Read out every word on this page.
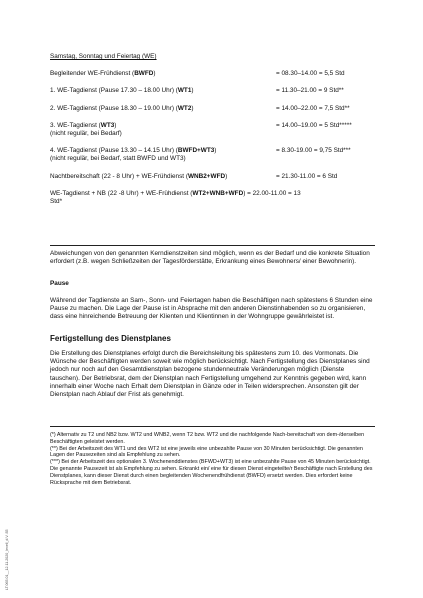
LT.065.01__12.11.2020_levell_d.V. 85
Samstag, Sonntag und Feiertag (WE)
Begleitender WE-Frühdienst (BWFD)	= 08.30–14.00 = 5,5 Std
1. WE-Tagdienst (Pause 17.30 – 18.00 Uhr) (WT1)	= 11.30–21.00 = 9 Std**
2. WE-Tagdienst (Pause 18.30 – 19.00 Uhr) (WT2)	= 14.00–22.00 = 7,5 Std**
3. WE-Tagdienst (WT3)
(nicht regulär, bei Bedarf)
= 14.00–19.00 = 5 Std*****
4. WE-Tagdienst (Pause 13.30 – 14.15 Uhr) (BWFD+WT3)
(nicht regulär, bei Bedarf, statt BWFD und WT3)
= 8.30-19.00 = 9,75 Std***
Nachtbereitschaft (22 - 8 Uhr) + WE-Frühdienst (WNB2+WFD)	= 21.30-11.00 = 6 Std
WE-Tagdienst + NB (22 -8 Uhr) + WE-Frühdienst (WT2+WNB+WFD) = 22.00-11.00 = 13
Std*
Abweichungen von den genannten Kerndienstzeiten sind möglich, wenn es der Bedarf und die konkrete Situation erfordert (z.B. wegen Schließzeiten der Tagesförderstätte, Erkrankung eines Bewohners/ einer Bewohnerin).
Pause
Während der Tagdienste an Sam-, Sonn- und Feiertagen haben die Beschäftigen nach spätestens 6 Stunden eine Pause zu machen. Die Lage der Pause ist in Absprache mit den anderen Dienstinhabenden so zu organisieren, dass eine hinreichende Betreuung der Klienten und Klientinnen in der Wohngruppe gewährleistet ist.
Fertigstellung des Dienstplanes
Die Erstellung des Dienstplanes erfolgt durch die Bereichsleitung bis spätestens zum 10. des Vormonats. Die Wünsche der Beschäftigten werden soweit wie möglich berücksichtigt. Nach Fertigstellung des Dienstplanes sind jedoch nur noch auf den Gesamtdienstplan bezogene stundenneutrale Veränderungen möglich (Dienste tauschen). Der Betriebsrat, dem der Dienstplan nach Fertigstellung umgehend zur Kenntnis gegeben wird, kann innerhalb einer Woche nach Erhalt dem Dienstplan in Gänze oder in Teilen widersprechen. Ansonsten gilt der Dienstplan nach Ablauf der Frist als genehmigt.
(*) Alternativ zu T2 und NB2 bzw. WT2 und WNB2, wenn T2 bzw. WT2 und die nachfolgende Nach-bereitschaft von dem-/derselben Beschäftigten geleistet werden.
(**) Bei der Arbeitszeit des WT1 und des WT2 ist eine jeweils eine unbezahlte Pause von 30 Minuten berücksichtigt. Die genannten Lagen der Pausezeiten sind als Empfehlung zu sehen.
(***) Bei der Arbeitszeit des optionalen 3. Wochenenddienstes (BFWD+WT3) ist eine unbezahlte Pause von 45 Minuten berücksichtigt. Die genannte Pausezeit ist als Empfehlung zu sehen. Erkrankt ein/ eine für diesen Dienst eingeteilte/r Beschäftigte nach Erstellung des Dienstplanes, kann dieser Dienst durch einen begleitenden Wochenendfrühdienst (BWFD) ersetzt werden. Dies erfordert keine Rücksprache mit dem Betriebsrat.
